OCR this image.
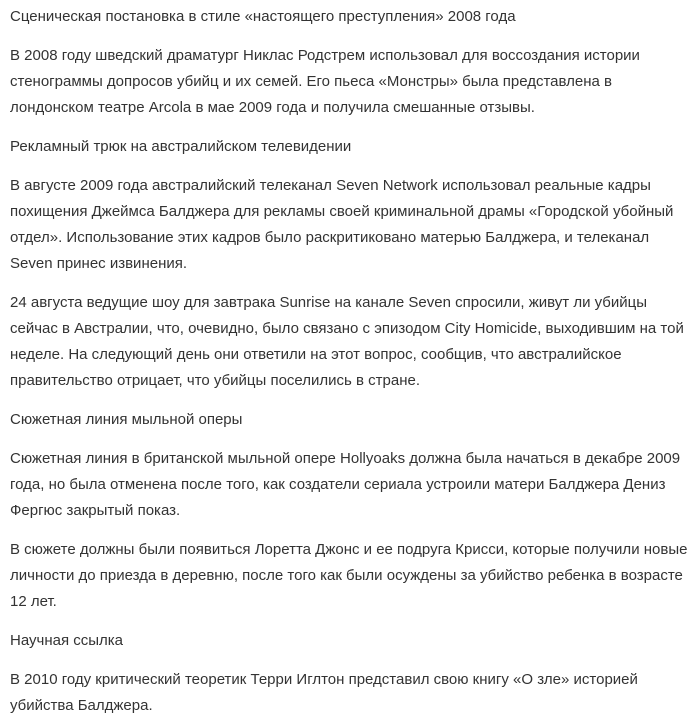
Сценическая постановка в стиле «настоящего преступления» 2008 года

В 2008 году шведский драматург Никлас Родстрем использовал для воссоздания истории стенограммы допросов убийц и их семей. Его пьеса «Монстры» была представлена в лондонском театре Arcola в мае 2009 года и получила смешанные отзывы.

Рекламный трюк на австралийском телевидении

В августе 2009 года австралийский телеканал Seven Network использовал реальные кадры похищения Джеймса Балджера для рекламы своей криминальной драмы «Городской убойный отдел». Использование этих кадров было раскритиковано матерью Балджера, и телеканал Seven принес извинения.

24 августа ведущие шоу для завтрака Sunrise на канале Seven спросили, живут ли убийцы сейчас в Австралии, что, очевидно, было связано с эпизодом City Homicide, выходившим на той неделе. На следующий день они ответили на этот вопрос, сообщив, что австралийское правительство отрицает, что убийцы поселились в стране.

Сюжетная линия мыльной оперы

Сюжетная линия в британской мыльной опере Hollyoaks должна была начаться в декабре 2009 года, но была отменена после того, как создатели сериала устроили матери Балджера Дениз Фергюс закрытый показ.

В сюжете должны были появиться Лоретта Джонс и ее подруга Крисси, которые получили новые личности до приезда в деревню, после того как были осуждены за убийство ребенка в возрасте 12 лет.

Научная ссылка

В 2010 году критический теоретик Терри Иглтон представил свою книгу «О зле» историей убийства Балджера.
